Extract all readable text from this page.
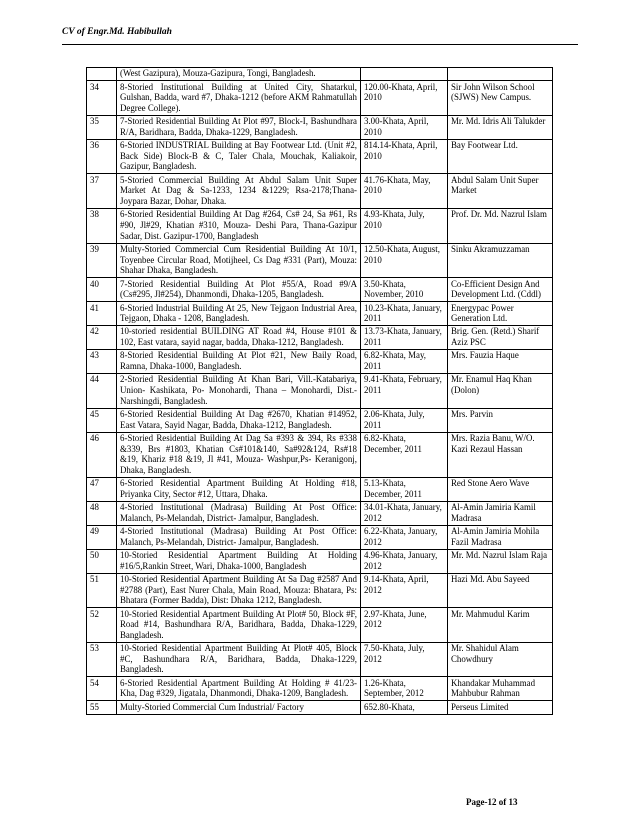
CV of Engr.Md. Habibullah
	(West Gazipura), Mouza-Gazipura, Tongi, Bangladesh.		
34	8-Storied Institutional Building at United City, Shatarkul, Gulshan, Badda, ward #7, Dhaka-1212 (before AKM Rahmatullah Degree College).	120.00-Khata, April, 2010	Sir John Wilson School (SJWS) New Campus.
35	7-Storied Residential Building At Plot #97, Block-I, Bashundhara R/A, Baridhara, Badda, Dhaka-1229, Bangladesh.	3.00-Khata, April, 2010	Mr. Md. Idris Ali Talukder
36	6-Storied INDUSTRIAL Building at Bay Footwear Ltd. (Unit #2, Back Side) Block-B & C, Taler Chala, Mouchak, Kaliakoir, Gazipur, Bangladesh.	814.14-Khata, April, 2010	Bay Footwear Ltd.
37	5-Storied Commercial Building At Abdul Salam Unit Super Market At Dag & Sa-1233, 1234 &1229; Rsa-2178;Thana-Joypara Bazar, Dohar, Dhaka.	41.76-Khata, May, 2010	Abdul Salam Unit Super Market
38	6-Storied Residential Building At Dag #264, Cs# 24, Sa #61, Rs #90, Jl#29, Khatian #310, Mouza- Deshi Para, Thana-Gazipur Sadar, Dist. Gazipur-1700, Bangladesh	4.93-Khata, July, 2010	Prof. Dr. Md. Nazrul Islam
39	Multy-Storied Commercial Cum Residential Building At 10/1, Toyenbee Circular Road, Motijheel, Cs Dag #331 (Part), Mouza: Shahar Dhaka, Bangladesh.	12.50-Khata, August, 2010	Sinku Akramuzzaman
40	7-Storied Residential Building At Plot #55/A, Road #9/A (Cs#295, Jl#254), Dhanmondi, Dhaka-1205, Bangladesh.	3.50-Khata, November, 2010	Co-Efficient Design And Development Ltd. (Cddl)
41	6-Storied Industrial Building At 25, New Tejgaon Industrial Area, Tejgaon, Dhaka - 1208, Bangladesh.	10.23-Khata, January, 2011	Energypac Power Generation Ltd.
42	10-storied residential BUILDING AT Road #4, House #101 & 102, East vatara, sayid nagar, badda, Dhaka-1212, Bangladesh.	13.73-Khata, January, 2011	Brig. Gen. (Retd.) Sharif Aziz PSC
43	8-Storied Residential Building At Plot #21, New Baily Road, Ramna, Dhaka-1000, Bangladesh.	6.82-Khata, May, 2011	Mrs. Fauzia Haque
44	2-Storied Residential Building At Khan Bari, Vill.-Katabariya, Union- Kashikata, Po- Monohardi, Thana – Monohardi, Dist.-Narshingdi, Bangladesh.	9.41-Khata, February, 2011	Mr. Enamul Haq Khan (Dolon)
45	6-Storied Residential Building At Dag #2670, Khatian #14952, East Vatara, Sayid Nagar, Badda, Dhaka-1212, Bangladesh.	2.06-Khata, July, 2011	Mrs. Parvin
46	6-Storied Residential Building At Dag Sa #393 & 394, Rs #338 &339, Brs #1803, Khatian Cs#101&140, Sa#92&124, Rs#18 &19, Khariz #18 &19, Jl #41, Mouza- Washpur,Ps- Keranigonj, Dhaka, Bangladesh.	6.82-Khata, December, 2011	Mrs. Razia Banu, W/O. Kazi Rezaul Hassan
47	6-Storied Residential Apartment Building At Holding #18, Priyanka City, Sector #12, Uttara, Dhaka.	5.13-Khata, December, 2011	Red Stone Aero Wave
48	4-Storied Institutional (Madrasa) Building At Post Office: Malanch, Ps-Melandah, District- Jamalpur, Bangladesh.	34.01-Khata, January, 2012	Al-Amin Jamiria Kamil Madrasa
49	4-Storied Institutional (Madrasa) Building At Post Office: Malanch, Ps-Melandah, District- Jamalpur, Bangladesh.	6.22-Khata, January, 2012	Al-Amin Jamiria Mohila Fazil Madrasa
50	10-Storied Residential Apartment Building At Holding #16/5,Rankin Street, Wari, Dhaka-1000, Bangladesh	4.96-Khata, January, 2012	Mr. Md. Nazrul Islam Raja
51	10-Storied Residential Apartment Building At Sa Dag #2587 And #2788 (Part), East Nurer Chala, Main Road, Mouza: Bhatara, Ps: Bhatara (Former Badda), Dist: Dhaka 1212, Bangladesh.	9.14-Khata, April, 2012	Hazi Md. Abu Sayeed
52	10-Storied Residential Apartment Building At Plot# 50, Block #F, Road #14, Bashundhara R/A, Baridhara, Badda, Dhaka-1229, Bangladesh.	2.97-Khata, June, 2012	Mr. Mahmudul Karim
53	10-Storied Residential Apartment Building At Plot# 405, Block #C, Bashundhara R/A, Baridhara, Badda, Dhaka-1229, Bangladesh.	7.50-Khata, July, 2012	Mr. Shahidul Alam Chowdhury
54	6-Storied Residential Apartment Building At Holding # 41/23-Kha, Dag #329, Jigatala, Dhanmondi, Dhaka-1209, Bangladesh.	1.26-Khata, September, 2012	Khandakar Muhammad Mahbubur Rahman
55	Multy-Storied Commercial Cum Industrial/ Factory	652.80-Khata,	Perseus Limited
Page-12 of 13
